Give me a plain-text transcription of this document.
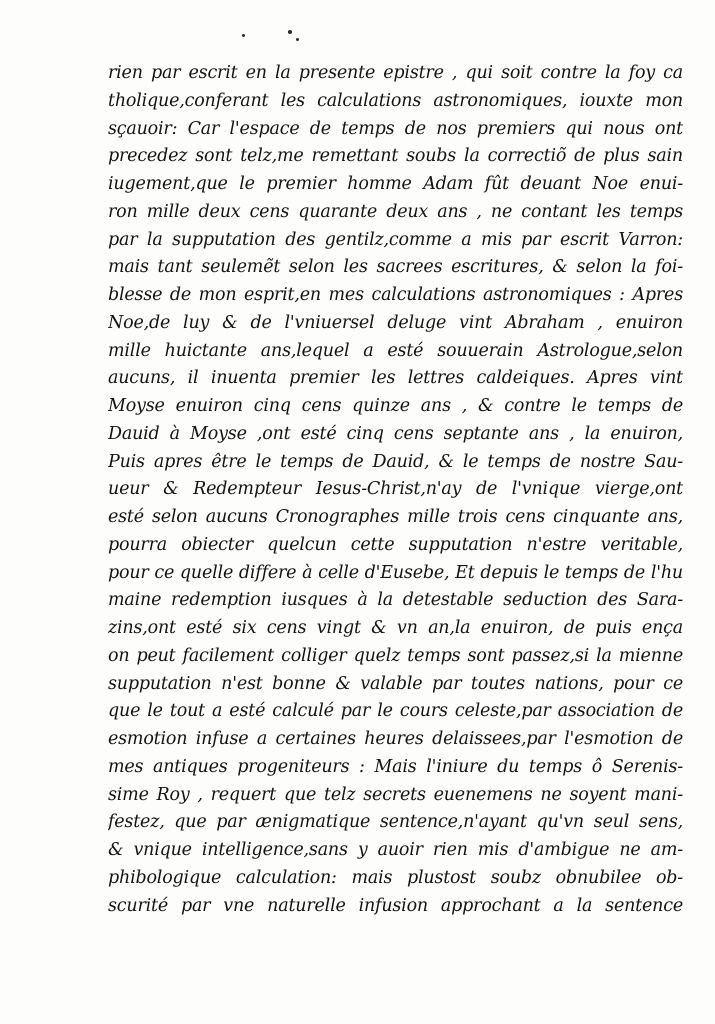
rien par escrit en la presente epistre , qui soit contre la foy ca
tholique,conferant les calculations astronomiques, iouxte mon
sçauoir: Car l'espace de temps de nos premiers qui nous ont
precedez sont telz,me remettant soubs la correctiõ de plus sain
iugement,que le premier homme Adam fût deuant Noe enui-
ron mille deux cens quarante deux ans , ne contant les temps
par la supputation des gentilz,comme a mis par escrit Varron:
mais tant seulemẽt selon les sacrees escritures, & selon la foi-
blesse de mon esprit,en mes calculations astronomiques : Apres
Noe,de luy & de l'vniuersel deluge vint Abraham , enuiron
mille huictante ans,lequel a esté souuerain Astrologue,selon
aucuns, il inuenta premier les lettres caldeiques. Apres vint
Moyse enuiron cinq cens quinze ans , & contre le temps de
Dauid à Moyse ,ont esté cinq cens septante ans , la enuiron,
Puis apres être le temps de Dauid, & le temps de nostre Sau-
ueur & Redempteur Iesus-Christ,n'ay de l'vnique vierge,ont
esté selon aucuns Cronographes mille trois cens cinquante ans,
pourra obiecter quelcun cette supputation n'estre veritable,
pour ce quelle differe à celle d'Eusebe, Et depuis le temps de l'hu
maine redemption iusques à la detestable seduction des Sara-
zins,ont esté six cens vingt & vn an,la enuiron, de puis ença
on peut facilement colliger quelz temps sont passez,si la mienne
supputation n'est bonne & valable par toutes nations, pour ce
que le tout a esté calculé par le cours celeste,par association de
esmotion infuse a certaines heures delaissees,par l'esmotion de
mes antiques progeniteurs : Mais l'iniure du temps ô Serenis-
sime Roy , requert que telz secrets euenemens ne soyent mani-
festez, que par ænigmatique sentence,n'ayant qu'vn seul sens,
& vnique intelligence,sans y auoir rien mis d'ambigue ne am-
phibologique calculation: mais plustost soubz obnubilee ob-
scurité par vne naturelle infusion approchant a la sentence
